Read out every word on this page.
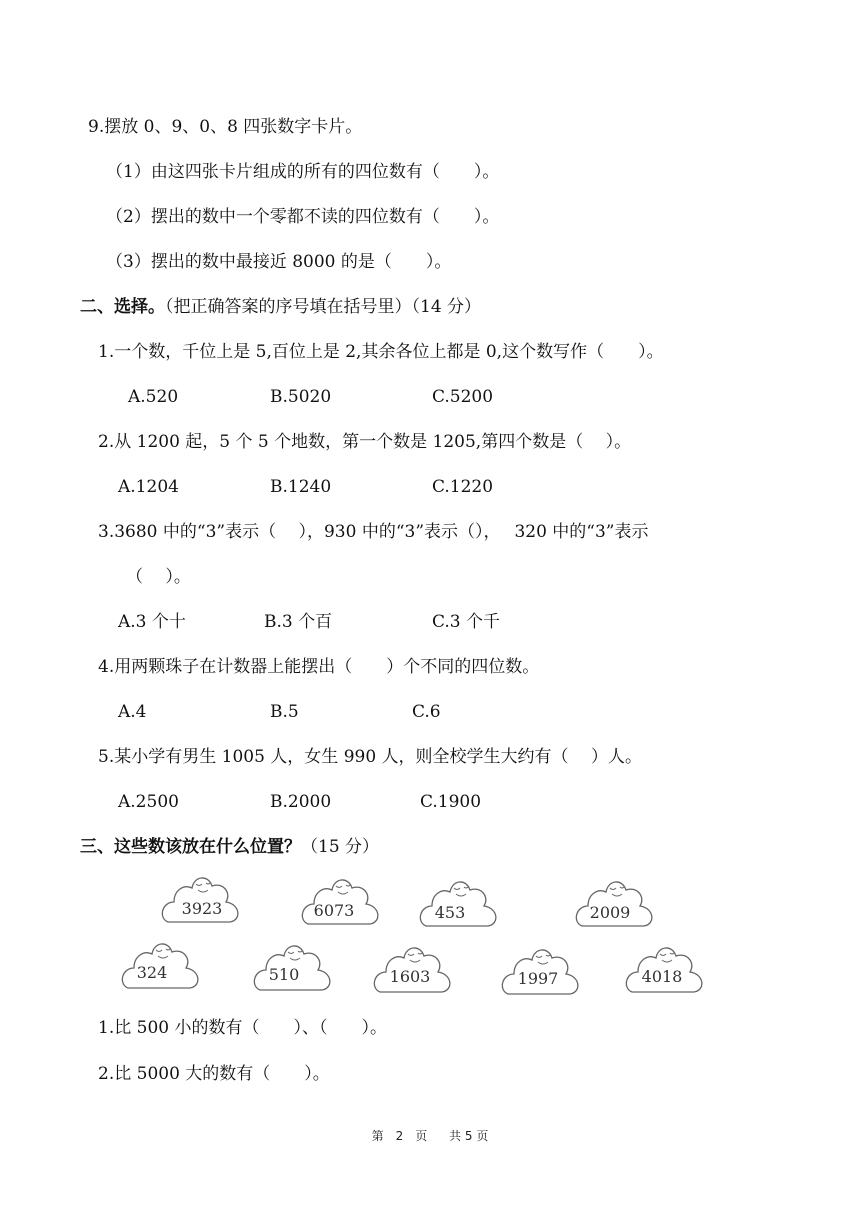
9.摆放 0、9、0、8 四张数字卡片。
（1）由这四张卡片组成的所有的四位数有（　　）。
（2）摆出的数中一个零都不读的四位数有（　　）。
（3）摆出的数中最接近 8000 的是（　　）。
二、选择。（把正确答案的序号填在括号里）（14 分）
1.一个数，千位上是 5,百位上是 2,其余各位上都是 0,这个数写作（　　）。
A.520	B.5020	C.5200
2.从 1200 起，5 个 5 个地数，第一个数是 1205,第四个数是（　 ）。
A.1204	B.1240	C.1220
3.3680 中的“3”表示（　 ），930 中的“3”表示（），　 320 中的“3”表示
（　 ）。
A.3 个十	B.3 个百	C.3 个千
4.用两颗珠子在计数器上能摆出（　　）个不同的四位数。
A.4	B.5	C.6
5.某小学有男生 1005 人，女生 990 人，则全校学生大约有（　 ）人。
A.2500	B.2000	C.1900
三、这些数该放在什么位置？（15 分）
3923	6073	453	2009
324	510	1603	1997	4018
1.比 500 小的数有（　　）、（　　）。
2.比 5000 大的数有（　　）。
第 2 页 共 5 页
